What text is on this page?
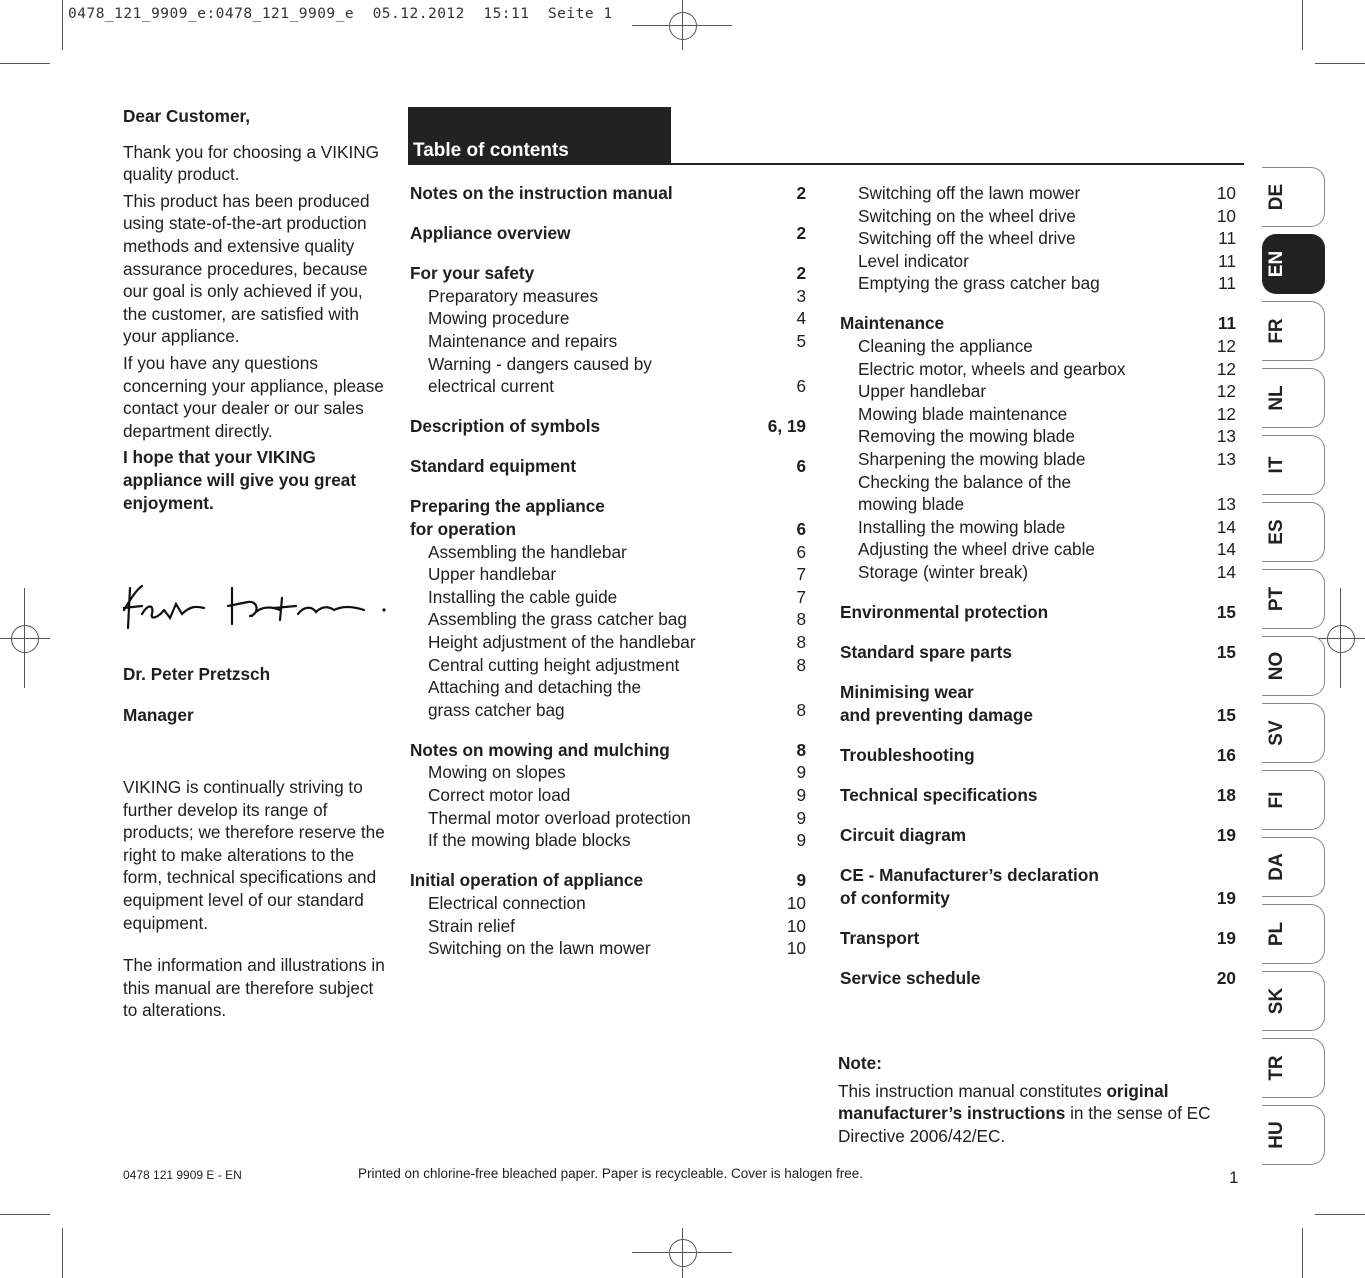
0478_121_9909_e:0478_121_9909_e  05.12.2012  15:11  Seite 1

Dear Customer,

Thank you for choosing a VIKING quality product.

This product has been produced using state-of-the-art production methods and extensive quality assurance procedures, because our goal is only achieved if you, the customer, are satisfied with your appliance.

If you have any questions concerning your appliance, please contact your dealer or our sales department directly.

I hope that your VIKING appliance will give you great enjoyment.

Dr. Peter Pretzsch

Manager

VIKING is continually striving to further develop its range of products; we therefore reserve the right to make alterations to the form, technical specifications and equipment level of our standard equipment.

The information and illustrations in this manual are therefore subject to alterations.

Table of contents
Notes on the instruction manual	2
Appliance overview	2
For your safety	2
Preparatory measures	3
Mowing procedure	4
Maintenance and repairs	5
Warning - dangers caused by
electrical current	6
Description of symbols	6, 19
Standard equipment	6
Preparing the appliance
for operation	6
Assembling the handlebar	6
Upper handlebar	7
Installing the cable guide	7
Assembling the grass catcher bag	8
Height adjustment of the handlebar	8
Central cutting height adjustment	8
Attaching and detaching the
grass catcher bag	8
Notes on mowing and mulching	8
Mowing on slopes	9
Correct motor load	9
Thermal motor overload protection	9
If the mowing blade blocks	9
Initial operation of appliance	9
Electrical connection	10
Strain relief	10
Switching on the lawn mower	10
Switching off the lawn mower	10
Switching on the wheel drive	10
Switching off the wheel drive	11
Level indicator	11
Emptying the grass catcher bag	11
Maintenance	11
Cleaning the appliance	12
Electric motor, wheels and gearbox	12
Upper handlebar	12
Mowing blade maintenance	12
Removing the mowing blade	13
Sharpening the mowing blade	13
Checking the balance of the
mowing blade	13
Installing the mowing blade	14
Adjusting the wheel drive cable	14
Storage (winter break)	14
Environmental protection	15
Standard spare parts	15
Minimising wear
and preventing damage	15
Troubleshooting	16
Technical specifications	18
Circuit diagram	19
CE - Manufacturer’s declaration
of conformity	19
Transport	19
Service schedule	20
DE
EN
FR
NL
IT
ES
PT
NO
SV
FI
DA
PL
SK
TR
HU

Note:

This instruction manual constitutes original manufacturer’s instructions in the sense of EC Directive 2006/42/EC.

0478 121 9909 E - EN	Printed on chlorine-free bleached paper. Paper is recycleable. Cover is halogen free.	1
